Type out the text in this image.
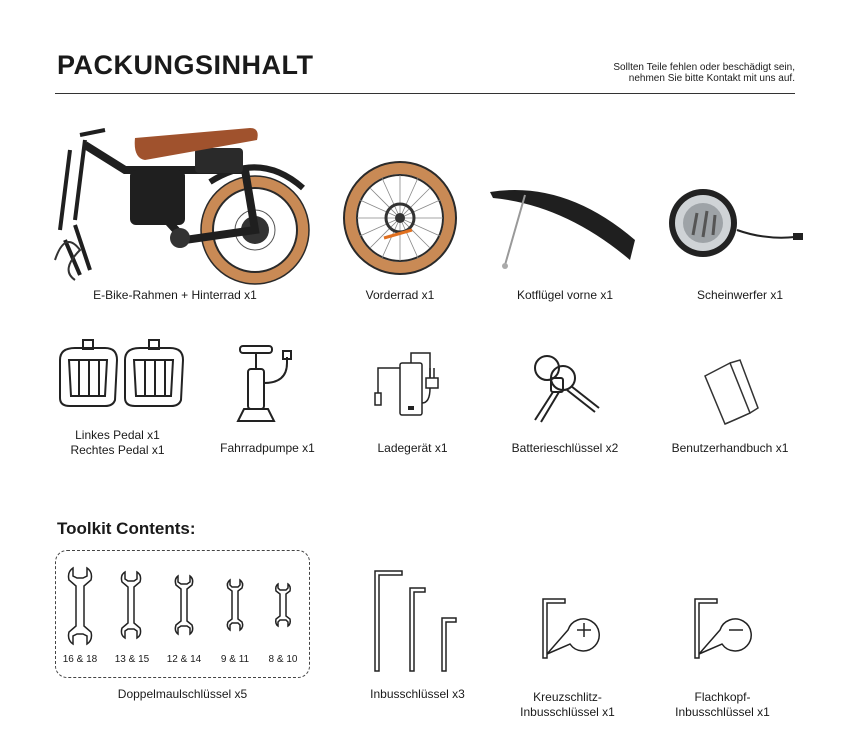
PACKUNGSINHALT	Sollten Teile fehlen oder beschädigt sein,
nehmen Sie bitte Kontakt mit uns auf.
E-Bike-Rahmen + Hinterrad x1	Vorderrad x1	Kotflügel vorne x1	Scheinwerfer x1
Linkes Pedal x1
Rechtes Pedal x1	Fahrradpumpe x1	Ladegerät x1	Batterieschlüssel x2	Benutzerhandbuch x1
Toolkit Contents:
16 & 18	13 & 15	12 & 14	9 & 11	8 & 10
Doppelmaulschlüssel x5	Inbusschlüssel x3	Kreuzschlitz-
Inbusschlüssel x1
Flachkopf-
Inbusschlüssel x1
